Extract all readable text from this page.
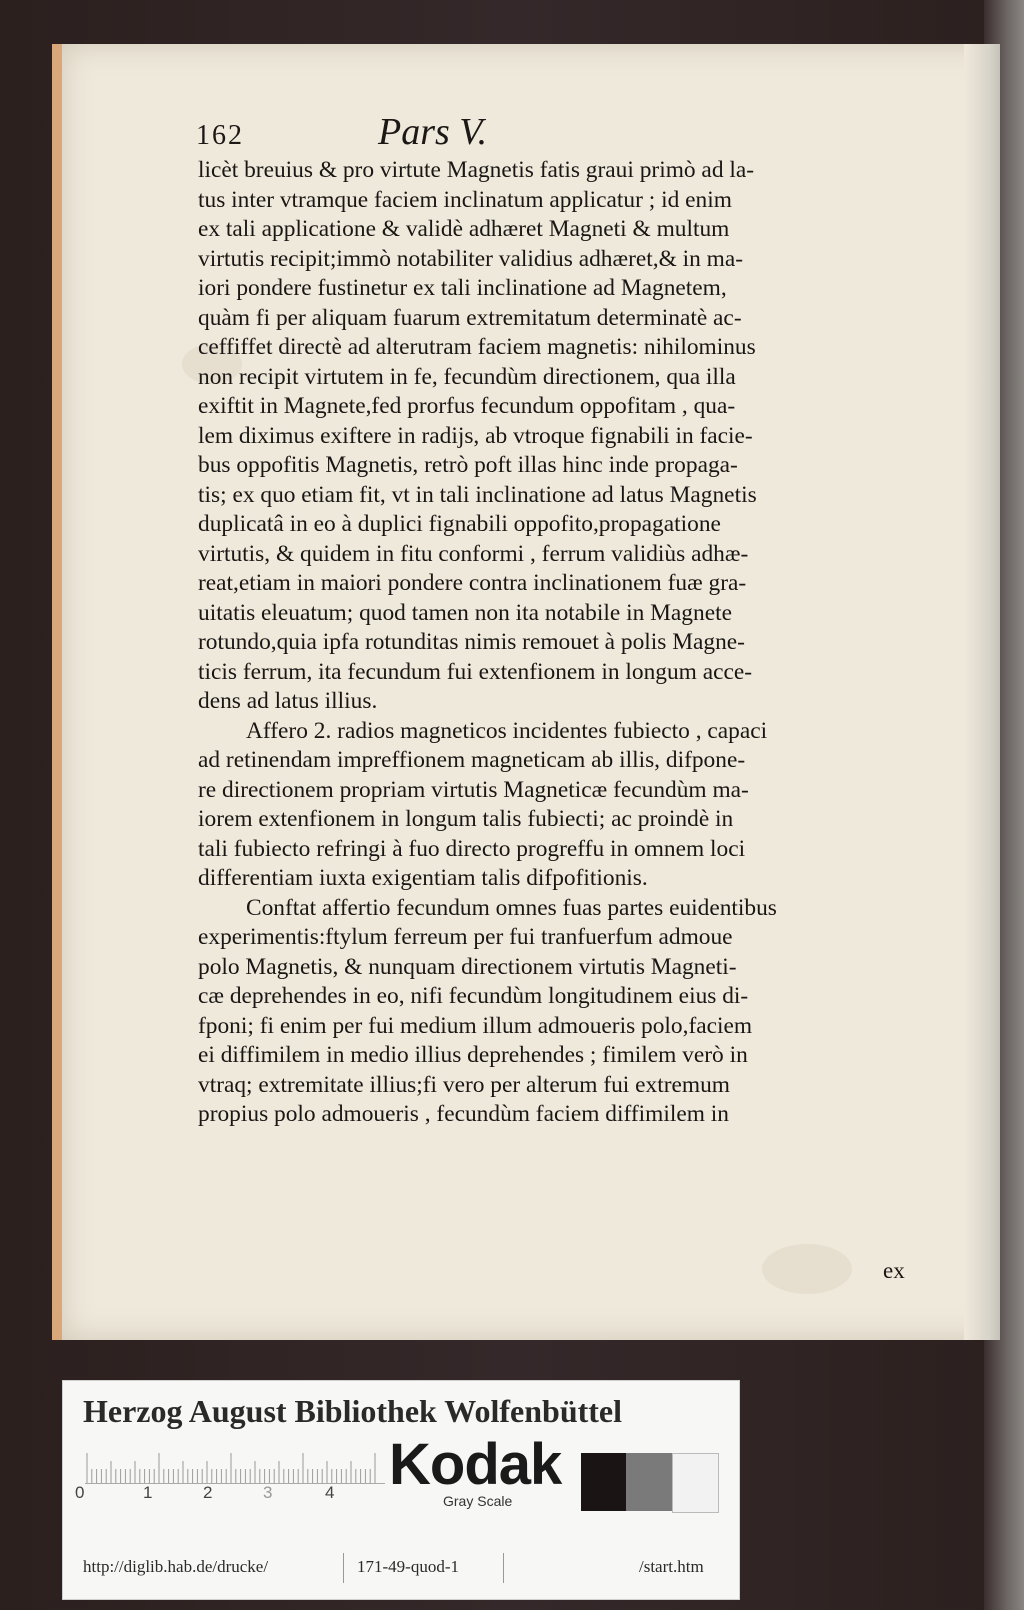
162	Pars V.
licèt breuius & pro virtute Magnetis fatis graui primò ad la-
tus inter vtramque faciem inclinatum applicatur ; id enim
ex tali applicatione & validè adhæret Magneti & multum
virtutis recipit;immò notabiliter validius adhæret,& in ma-
iori pondere fustinetur ex tali inclinatione ad Magnetem,
quàm fi per aliquam fuarum extremitatum determinatè ac-
ceffiffet directè ad alterutram faciem magnetis: nihilominus
non recipit virtutem in fe, fecundùm directionem, qua illa
exiftit in Magnete,fed prorfus fecundum oppofitam , qua-
lem diximus exiftere in radijs, ab vtroque fignabili in facie-
bus oppofitis Magnetis, retrò poft illas hinc inde propaga-
tis; ex quo etiam fit, vt in tali inclinatione ad latus Magnetis
duplicatâ in eo à duplici fignabili oppofito,propagatione
virtutis, & quidem in fitu conformi , ferrum validiùs adhæ-
reat,etiam in maiori pondere contra inclinationem fuæ gra-
uitatis eleuatum; quod tamen non ita notabile in Magnete
rotundo,quia ipfa rotunditas nimis remouet à polis Magne-
ticis ferrum, ita fecundum fui extenfionem in longum acce-
dens ad latus illius.
Affero 2. radios magneticos incidentes fubiecto , capaci
ad retinendam impreffionem magneticam ab illis, difpone-
re directionem propriam virtutis Magneticæ fecundùm ma-
iorem extenfionem in longum talis fubiecti; ac proindè in
tali fubiecto refringi à fuo directo progreffu in omnem loci
differentiam iuxta exigentiam talis difpofitionis.
Conftat affertio fecundum omnes fuas partes euidentibus
experimentis:ftylum ferreum per fui tranfuerfum admoue
polo Magnetis, & nunquam directionem virtutis Magneti-
cæ deprehendes in eo, nifi fecundùm longitudinem eius di-
fponi; fi enim per fui medium illum admoueris polo,faciem
ei diffimilem in medio illius deprehendes ; fimilem verò in
vtraq; extremitate illius;fi vero per alterum fui extremum
propius polo admoueris , fecundùm faciem diffimilem in
ex
Herzog August Bibliothek Wolfenbüttel
0	1	2	3	4 Kodak
Gray Scale
http://diglib.hab.de/drucke/	171-49-quod-1	/start.htm
